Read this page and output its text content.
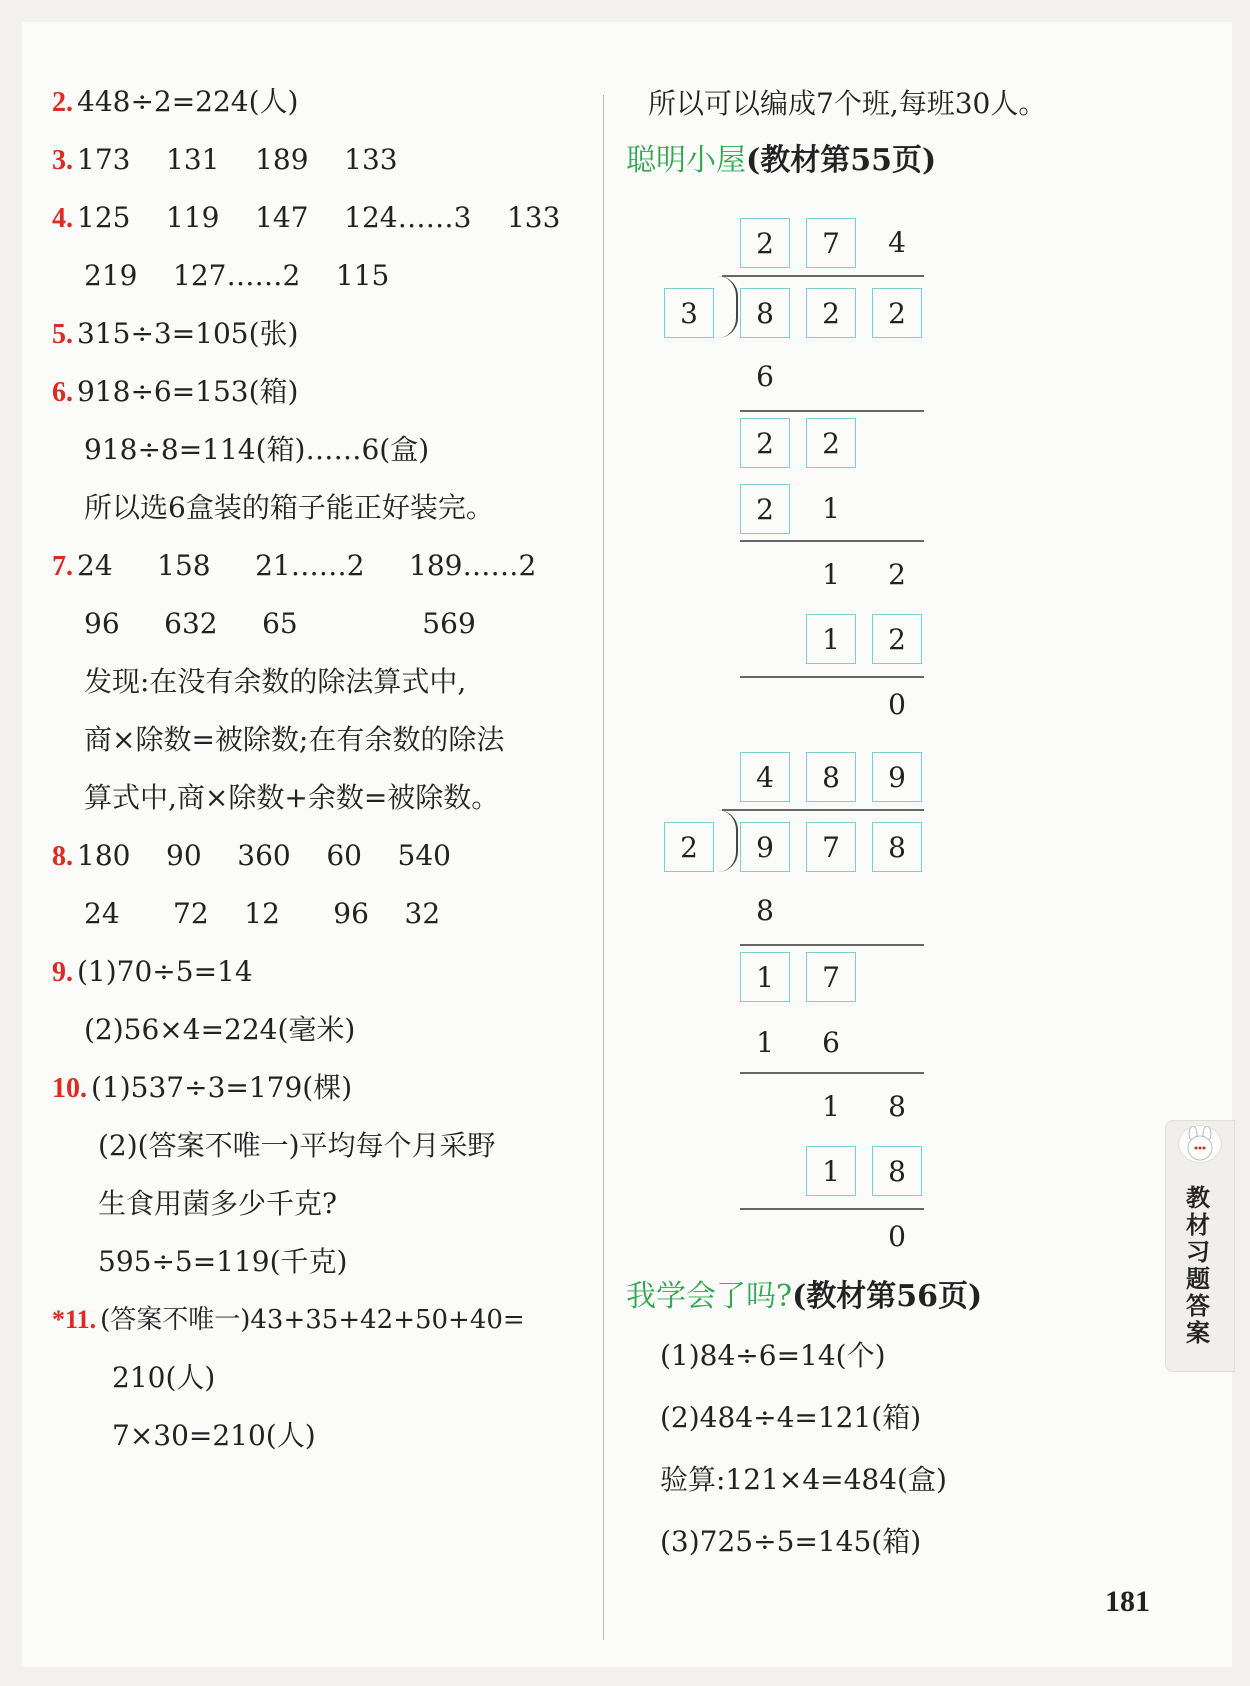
2. 448÷2=224(人)
3. 173    131    189    133
4. 125    119    147    124……3    133
219    127……2    115
5. 315÷3=105(张)
6. 918÷6=153(箱)
918÷8=114(箱)……6(盒)
所以选6盒装的箱子能正好装完。
7. 24     158     21……2     189……2
96     632     65              569
发现:在没有余数的除法算式中,
商×除数=被除数;在有余数的除法
算式中,商×除数+余数=被除数。
8. 180    90    360    60    540
24      72    12      96    32
9. (1)70÷5=14
(2)56×4=224(毫米)
10. (1)537÷3=179(棵)
(2)(答案不唯一)平均每个月采野
生食用菌多少千克?
595÷5=119(千克)
*11. (答案不唯一)43+35+42+50+40=
210(人)
7×30=210(人)
所以可以编成7个班,每班30人。
聪明小屋(教材第55页)
2	7	4
3	8	2	2
6
2	2
2	1
1	2
1	2
0
4	8	9
2	9	7	8
8
1	7
1	6
1	8
1	8
0
我学会了吗?(教材第56页)
(1)84÷6=14(个)
(2)484÷4=121(箱)
验算:121×4=484(盒)
(3)725÷5=145(箱)
教材习题答案
181
